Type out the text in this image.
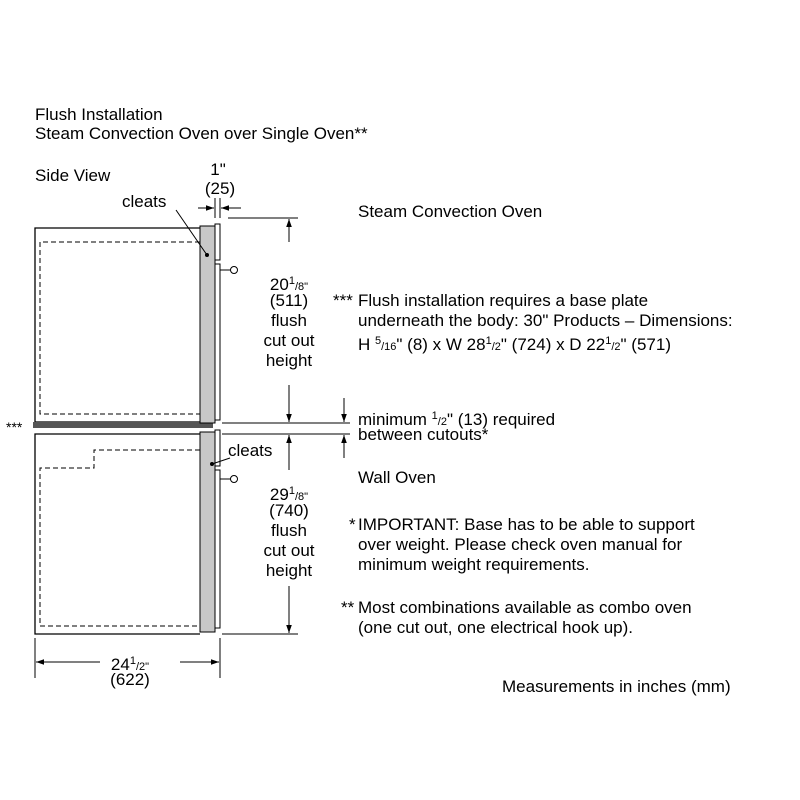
Flush Installation
Steam Convection Oven over Single Oven**
Side View
cleats
cleats
1"
(25)
Steam Convection Oven
Wall Oven
***
$20^1/8$"
(511)
flush
cut out
height
$29^1/8$"
(740)
flush
cut out
height
$24^1/2$"
(622)
minimum $^1$/2" (13) required
between cutouts*
*** Flush installation requires a base plate
underneath the body: 30" Products – Dimensions:
H $^5$/16" (8) x W $28^1/2$" (724) x D $22^1/2$" (571)
* IMPORTANT: Base has to be able to support
over weight. Please check oven manual for
minimum weight requirements.
** Most combinations available as combo oven
(one cut out, one electrical hook up).
Measurements in inches (mm)
